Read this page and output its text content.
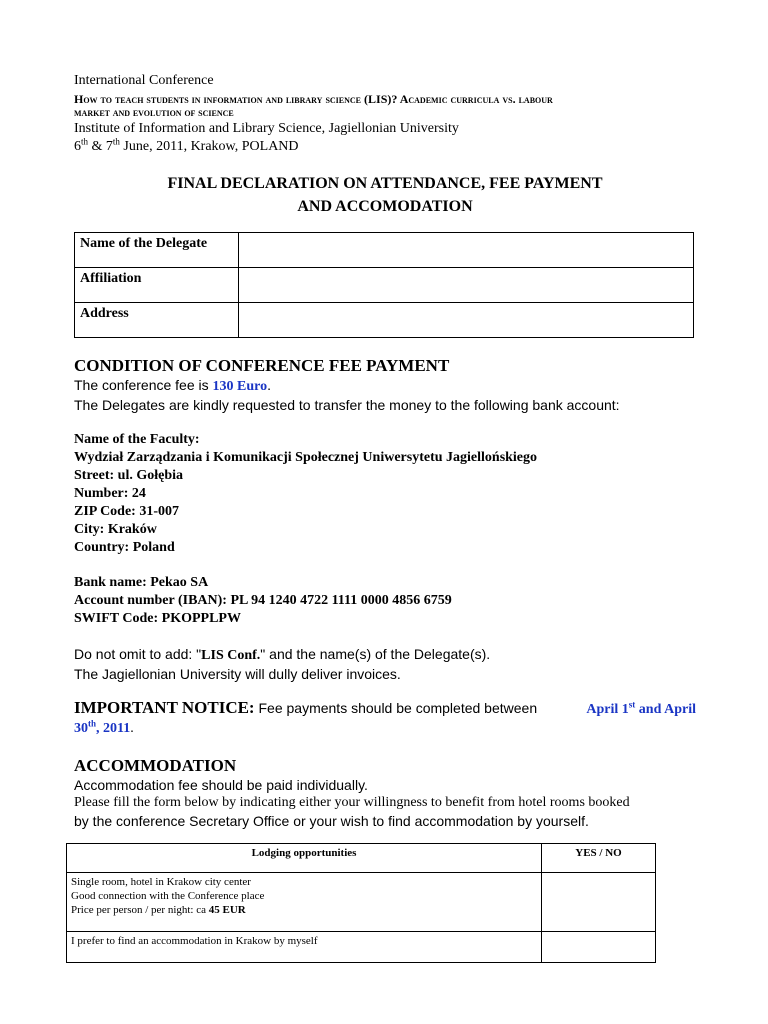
International Conference
How to teach students in information and library science (LIS)? Academic curricula vs. labour
market and evolution of science
Institute of Information and Library Science, Jagiellonian University
6th & 7th June, 2011, Krakow, POLAND
FINAL DECLARATION ON ATTENDANCE, FEE PAYMENT
AND ACCOMODATION
Name of the Delegate	
Affiliation	
Address	
CONDITION OF CONFERENCE FEE PAYMENT
The conference fee is 130 Euro.
The Delegates are kindly requested to transfer the money to the following bank account:
Name of the Faculty:
Wydział Zarządzania i Komunikacji Społecznej Uniwersytetu Jagiellońskiego
Street: ul. Gołębia
Number: 24
ZIP Code: 31-007
City: Kraków
Country: Poland
Bank name: Pekao SA
Account number (IBAN): PL 94 1240 4722 1111 0000 4856 6759
SWIFT Code: PKOPPLPW
Do not omit to add: "LIS Conf." and the name(s) of the Delegate(s).
The Jagiellonian University will dully deliver invoices.
IMPORTANT NOTICE: Fee payments should be completed between	April 1st and April
30th, 2011.
ACCOMMODATION
Accommodation fee should be paid individually.
Please fill the form below by indicating either your willingness to benefit from hotel rooms booked
by the conference Secretary Office or your wish to find accommodation by yourself.
Lodging opportunities	YES / NO

Single room, hotel in Krakow city center
Good connection with the Conference place
Price per person / per night: ca 45 EUR	

I prefer to find an accommodation in Krakow by myself	
